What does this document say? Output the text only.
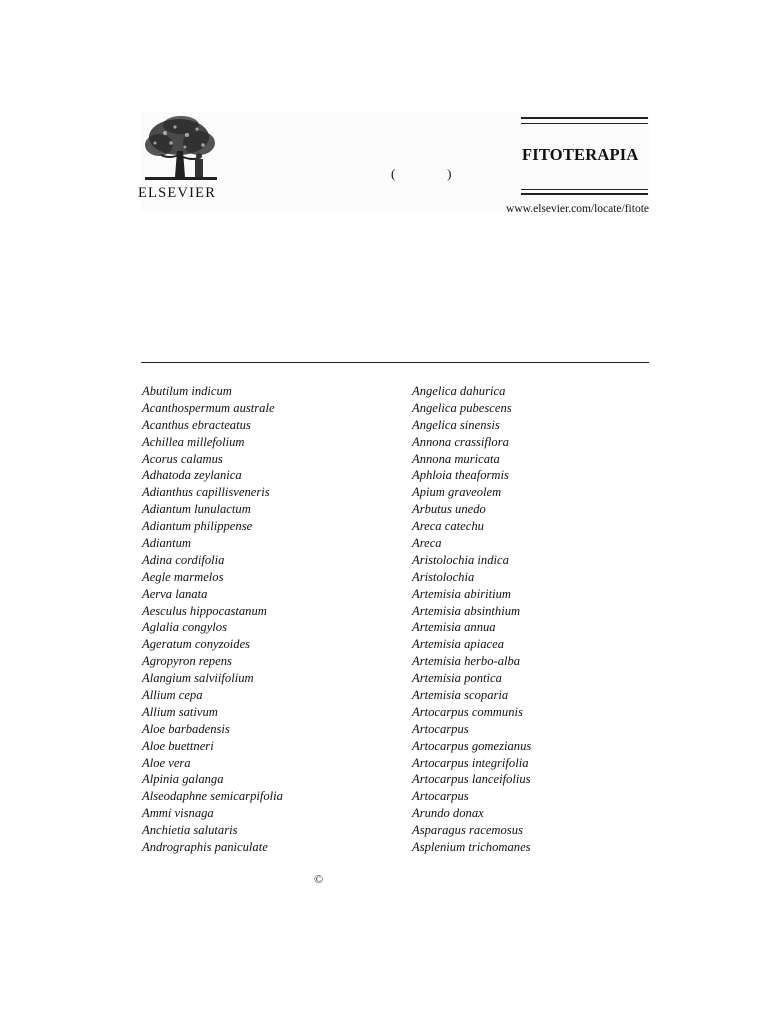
ELSEVIER
(   )
FITOTERAPIA
www.elsevier.com/locate/fitote
Abutilum indicum
Acanthospermum australe
Acanthus ebracteatus
Achillea millefolium
Acorus calamus
Adhatoda zeylanica
Adianthus capillisveneris
Adiantum lunulactum
Adiantum philippense
Adiantum
Adina cordifolia
Aegle marmelos
Aerva lanata
Aesculus hippocastanum
Aglalia congylos
Ageratum conyzoides
Agropyron repens
Alangium salviifolium
Allium cepa
Allium sativum
Aloe barbadensis
Aloe buettneri
Aloe vera
Alpinia galanga
Alseodaphne semicarpifolia
Ammi visnaga
Anchietia salutaris
Andrographis paniculate
Angelica dahurica
Angelica pubescens
Angelica sinensis
Annona crassiflora
Annona muricata
Aphloia theaformis
Apium graveolem
Arbutus unedo
Areca catechu
Areca
Aristolochia indica
Aristolochia
Artemisia abiritium
Artemisia absinthium
Artemisia annua
Artemisia apiacea
Artemisia herbo-alba
Artemisia pontica
Artemisia scoparia
Artocarpus communis
Artocarpus
Artocarpus gomezianus
Artocarpus integrifolia
Artocarpus lanceifolius
Artocarpus
Arundo donax
Asparagus racemosus
Asplenium trichomanes
©
